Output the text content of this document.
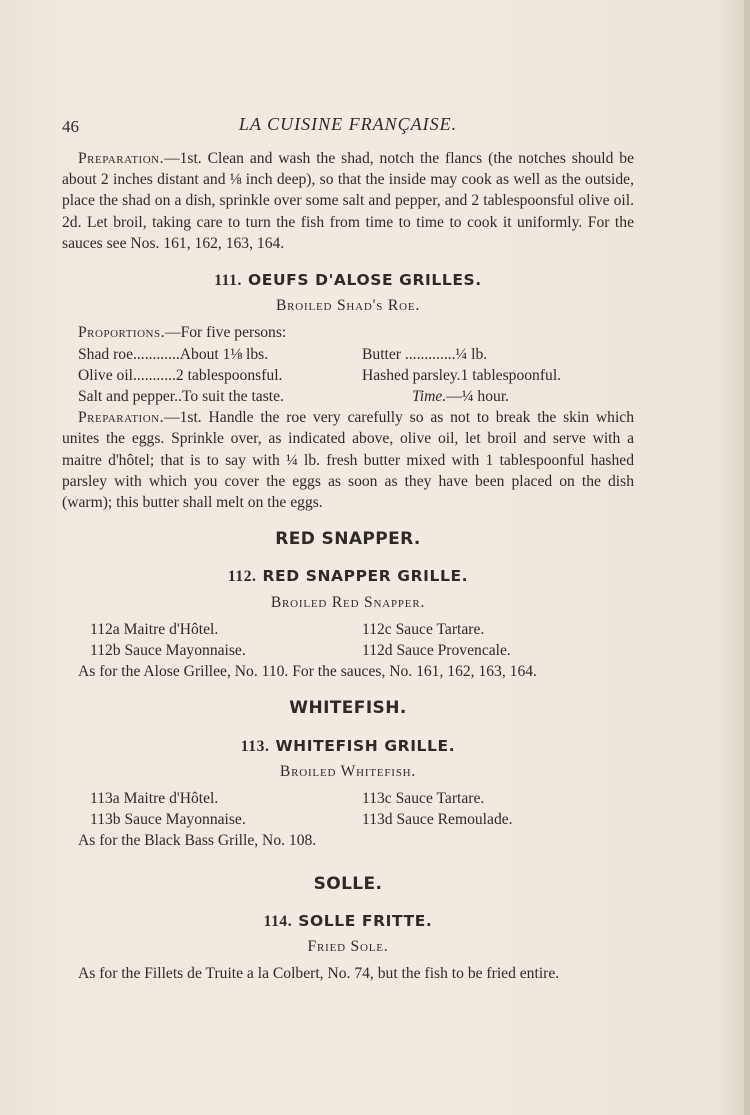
46	LA CUISINE FRANÇAISE.

Preparation.—1st. Clean and wash the shad, notch the flancs (the notches should be about 2 inches distant and ⅛ inch deep), so that the inside may cook as well as the outside, place the shad on a dish, sprinkle over some salt and pepper, and 2 tablespoonsful olive oil. 2d. Let broil, taking care to turn the fish from time to time to cook it uniformly. For the sauces see Nos. 161, 162, 163, 164.

111. OEUFS D'ALOSE GRILLES.
Broiled Shad's Roe.

Proportions.—For five persons:

Shad roe............About 1⅛ lbs.	Butter .............¼ lb.
Olive oil...........2 tablespoonsful.	Hashed parsley.1 tablespoonful.
Salt and pepper..To suit the taste.	Time.—¼ hour.

Preparation.—1st. Handle the roe very carefully so as not to break the skin which unites the eggs. Sprinkle over, as indicated above, olive oil, let broil and serve with a maitre d'hôtel; that is to say with ¼ lb. fresh butter mixed with 1 tablespoonful hashed parsley with which you cover the eggs as soon as they have been placed on the dish (warm); this butter shall melt on the eggs.

RED SNAPPER.
112. RED SNAPPER GRILLE.
Broiled Red Snapper.
112a Maitre d'Hôtel.	112c Sauce Tartare.
112b Sauce Mayonnaise.	112d Sauce Provencale.

As for the Alose Grillee, No. 110. For the sauces, No. 161, 162, 163, 164.

WHITEFISH.
113. WHITEFISH GRILLE.
Broiled Whitefish.
113a Maitre d'Hôtel.	113c Sauce Tartare.
113b Sauce Mayonnaise.	113d Sauce Remoulade.

As for the Black Bass Grille, No. 108.

SOLLE.
114. SOLLE FRITTE.
Fried Sole.

As for the Fillets de Truite a la Colbert, No. 74, but the fish to be fried entire.
